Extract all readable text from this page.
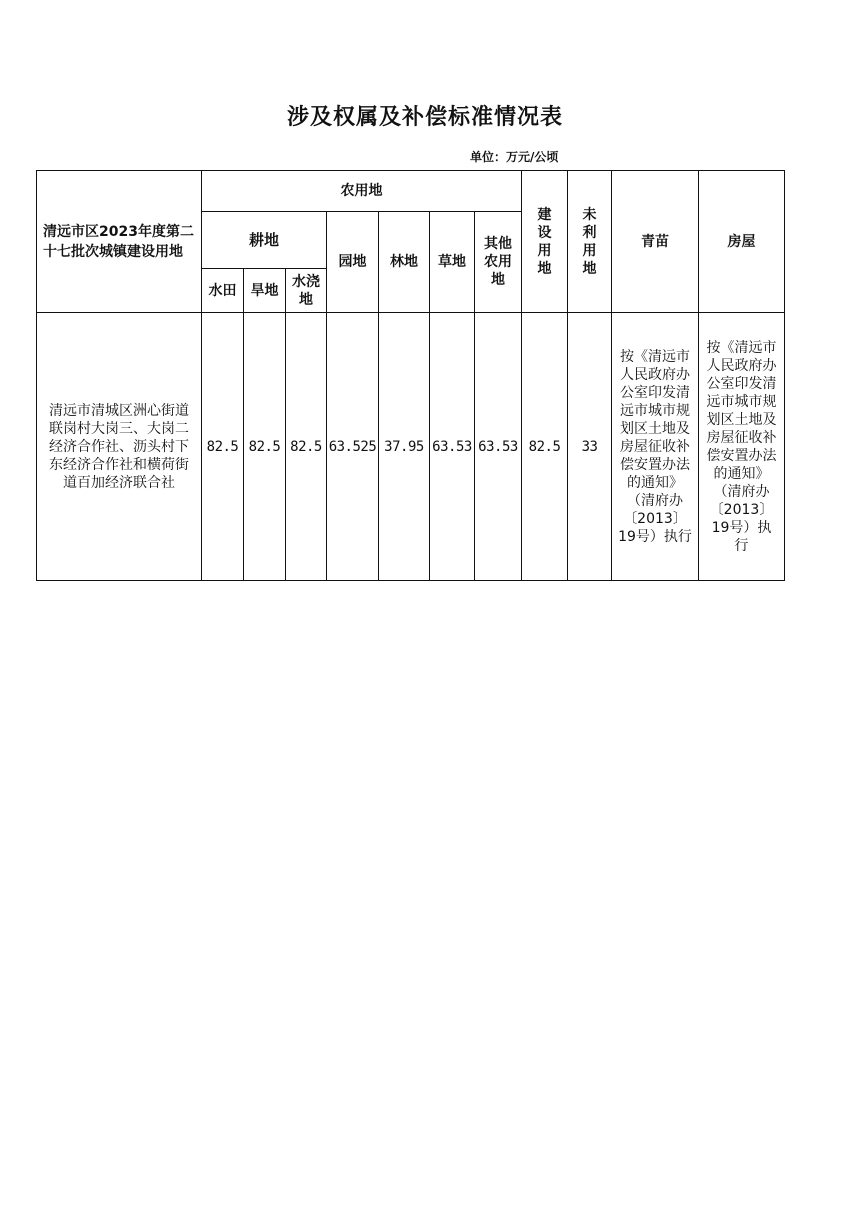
涉及权属及补偿标准情况表
单位：万元/公顷
清远市区2023年度第二十七批次城镇建设用地	农用地							建设用地	未利用地	青苗	房屋
	耕地			园地	林地	草地	其他农用地				
	水田	旱地	水浇地								
清远市清城区洲心街道联岗村大岗三、大岗二经济合作社、沥头村下东经济合作社和横荷街道百加经济联合社	82.5	82.5	82.5	63.525	37.95	63.53	63.53	82.5	33	按《清远市人民政府办公室印发清远市城市规划区土地及房屋征收补偿安置办法的通知》（清府办〔2013〕19号）执行	按《清远市人民政府办公室印发清远市城市规划区土地及房屋征收补偿安置办法的通知》（清府办〔2013〕19号）执行
